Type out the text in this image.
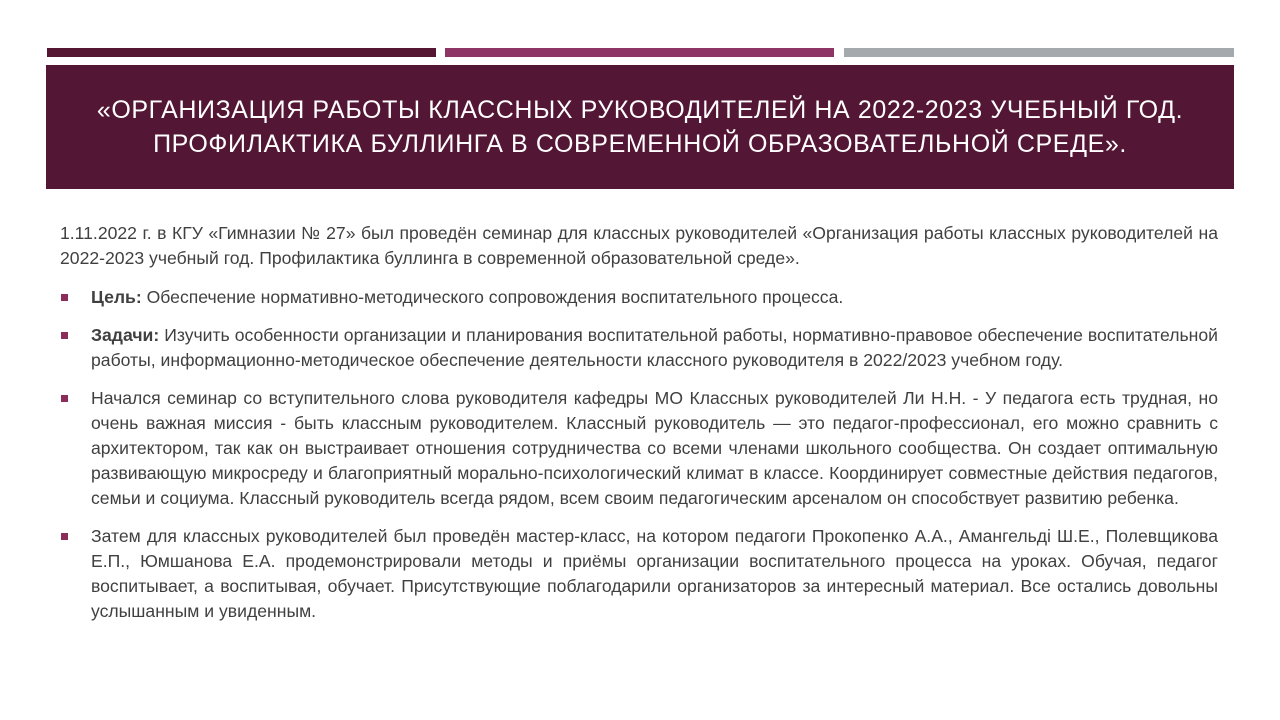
«ОРГАНИЗАЦИЯ РАБОТЫ КЛАССНЫХ РУКОВОДИТЕЛЕЙ НА 2022-2023 УЧЕБНЫЙ ГОД. ПРОФИЛАКТИКА БУЛЛИНГА В СОВРЕМЕННОЙ ОБРАЗОВАТЕЛЬНОЙ СРЕДЕ».

1.11.2022 г. в КГУ «Гимназии № 27» был проведён семинар для классных руководителей «Организация работы классных руководителей на 2022-2023 учебный год. Профилактика буллинга в современной образовательной среде».

Цель: Обеспечение нормативно-методического сопровождения воспитательного процесса.
Задачи: Изучить особенности организации и планирования воспитательной работы, нормативно-правовое обеспечение воспитательной работы, информационно-методическое обеспечение деятельности классного руководителя в 2022/2023 учебном году.
Начался семинар со вступительного слова руководителя кафедры МО Классных руководителей Ли Н.Н. - У педагога есть трудная, но очень важная миссия - быть классным руководителем. Классный руководитель — это педагог-профессионал, его можно сравнить с архитектором, так как он выстраивает отношения сотрудничества со всеми членами школьного сообщества. Он создает оптимальную развивающую микросреду и благоприятный морально-психологический климат в классе. Координирует совместные действия педагогов, семьи и социума. Классный руководитель всегда рядом, всем своим педагогическим арсеналом он способствует развитию ребенка.
Затем для классных руководителей был проведён мастер-класс, на котором педагоги Прокопенко А.А., Амангельді Ш.Е., Полевщикова Е.П., Юмшанова Е.А. продемонстрировали методы и приёмы организации воспитательного процесса на уроках. Обучая, педагог воспитывает, а воспитывая, обучает. Присутствующие поблагодарили организаторов за интересный материал. Все остались довольны услышанным и увиденным.
